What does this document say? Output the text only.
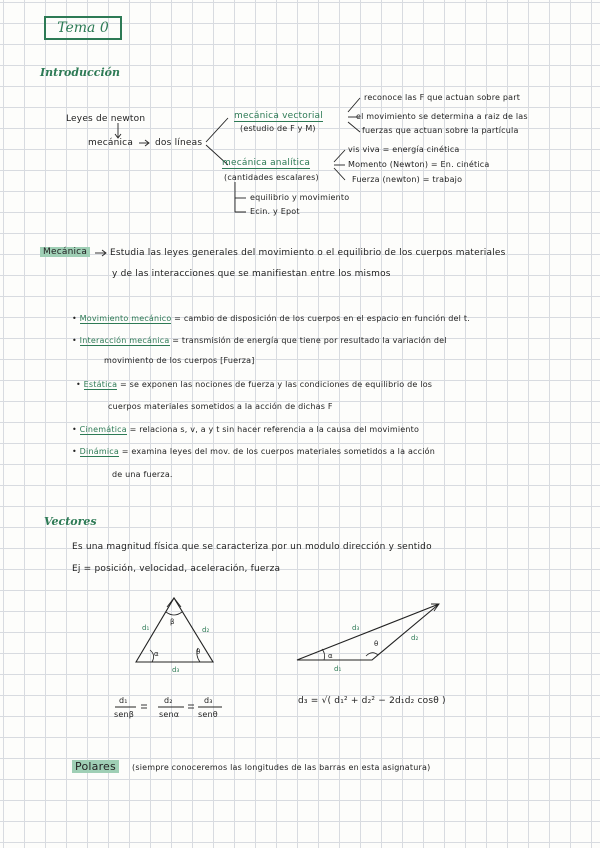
Tema 0
Introducción
Leyes de newton
mecánica dos líneas
mecánica vectorial
(estudio de F y M)
reconoce las F que actuan sobre part
el movimiento se determina a raiz de las
fuerzas que actuan sobre la partícula
mecánica analítica
(cantidades escalares)
vis viva = energía cinética
Momento (Newton) = En. cinética
Fuerza (newton) = trabajo
equilibrio y movimiento
Ecin. y Epot
Mecánica	Estudia las leyes generales del movimiento o el equilibrio de los cuerpos materiales
y de las interacciones que se manifiestan entre los mismos
• Movimiento mecánico = cambio de disposición de los cuerpos en el espacio en función del t.
• Interacción mecánica = transmisión de energía que tiene por resultado la variación del
movimiento de los cuerpos [Fuerza]
• Estática = se exponen las nociones de fuerza y las condiciones de equilibrio de los
cuerpos materiales sometidos a la acción de dichas F
• Cinemática = relaciona s, v, a y t sin hacer referencia a la causa del movimiento
• Dinámica = examina leyes del mov. de los cuerpos materiales sometidos a la acción
de una fuerza.
Vectores
Es una magnitud física que se caracteriza por un modulo dirección y sentido
Ej = posición, velocidad, aceleración, fuerza
d₁	d₂
d₃
α
β
θ
d₃
d₂
d₁
α
θ
d₁
senβ
d₂
senα
d₃
senθ
d₃ = √( d₁² + d₂² − 2d₁d₂ cosθ )
Polares	(siempre conoceremos las longitudes de las barras en esta asignatura)
